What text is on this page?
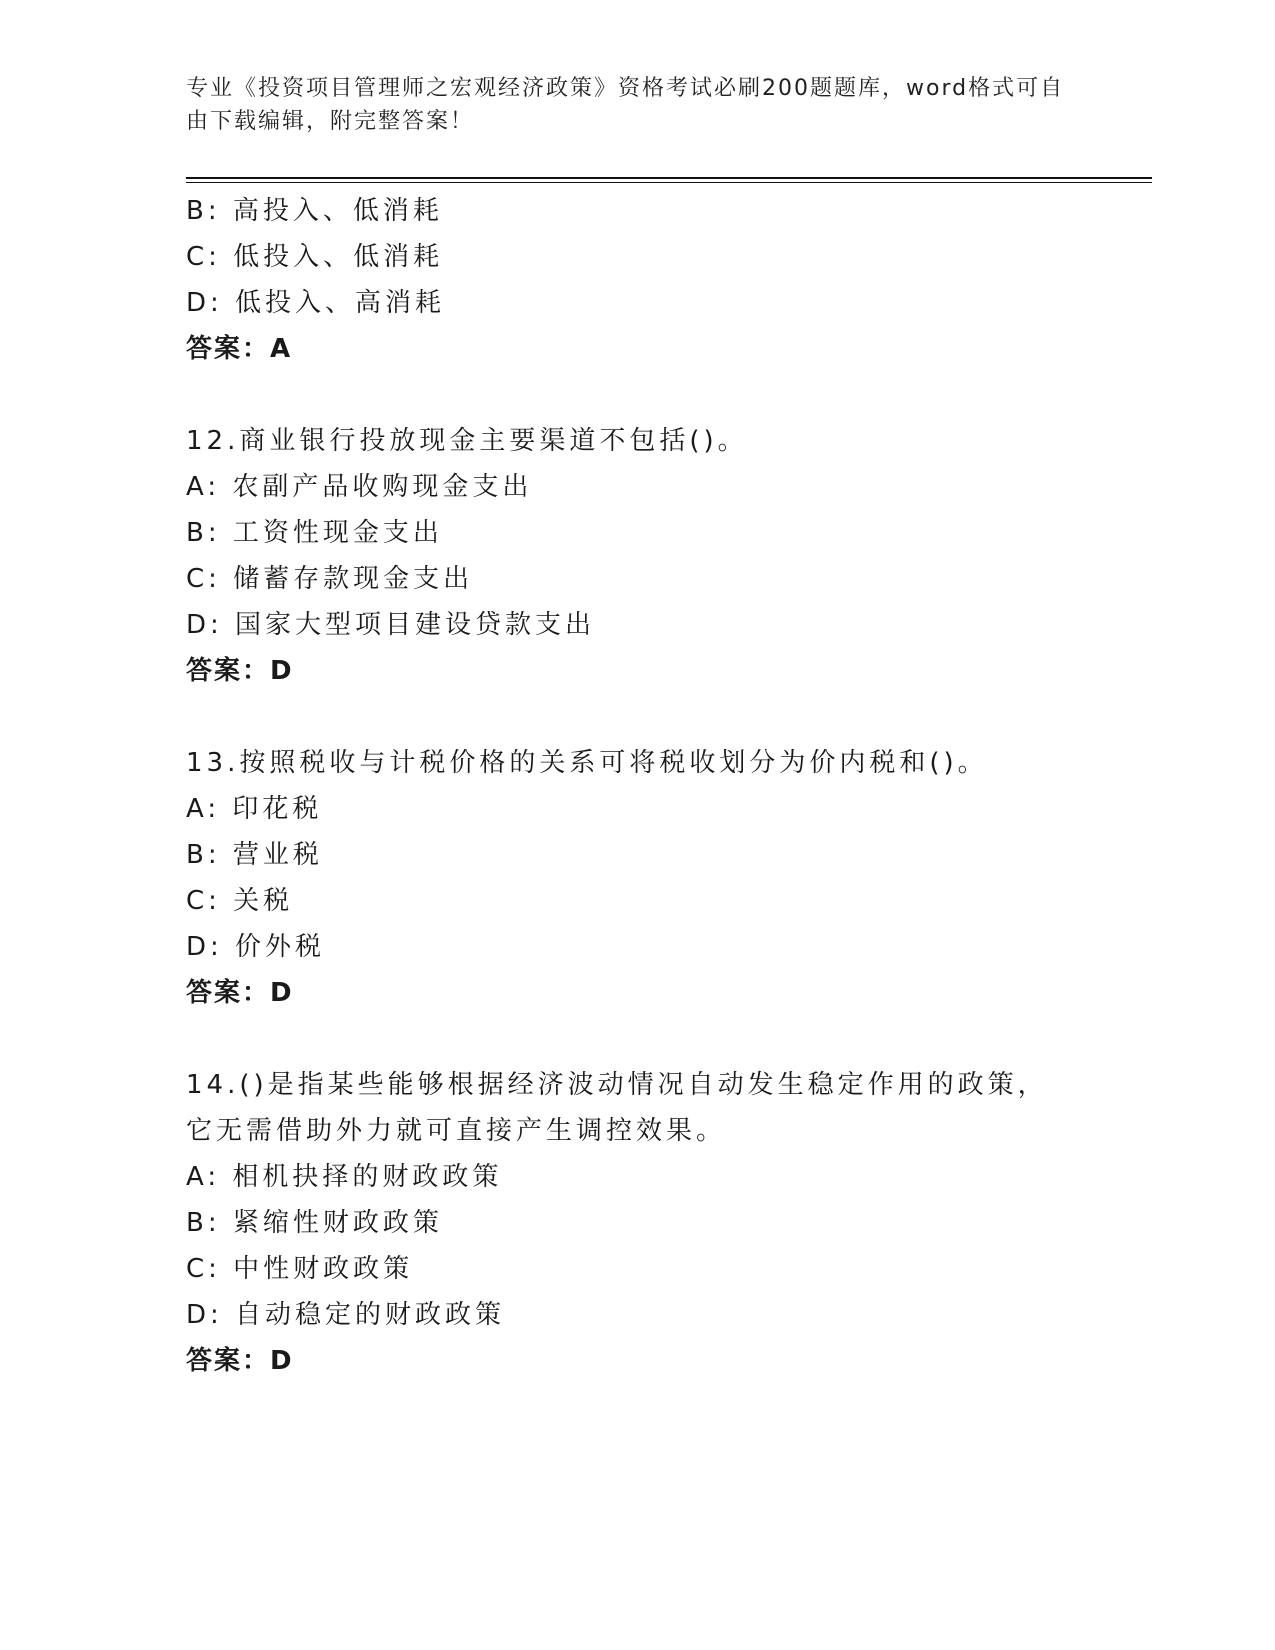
专业《投资项目管理师之宏观经济政策》资格考试必刷200题题库，word格式可自由下载编辑，附完整答案！
B: 高投入、低消耗
C: 低投入、低消耗
D: 低投入、高消耗
答案：A
12.商业银行投放现金主要渠道不包括()。
A: 农副产品收购现金支出
B: 工资性现金支出
C: 储蓄存款现金支出
D: 国家大型项目建设贷款支出
答案：D
13.按照税收与计税价格的关系可将税收划分为价内税和()。
A: 印花税
B: 营业税
C: 关税
D: 价外税
答案：D
14.()是指某些能够根据经济波动情况自动发生稳定作用的政策，它无需借助外力就可直接产生调控效果。
A: 相机抉择的财政政策
B: 紧缩性财政政策
C: 中性财政政策
D: 自动稳定的财政政策
答案：D
